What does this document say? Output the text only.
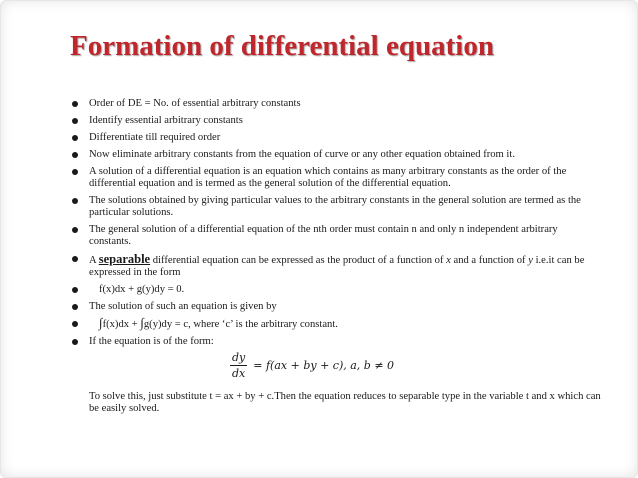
Formation of differential equation
Order of DE = No. of essential arbitrary constants
Identify essential arbitrary constants
Differentiate till required order
Now eliminate arbitrary constants from the equation of curve or any other equation obtained from it.
A solution of a differential equation is an equation which contains as many arbitrary constants as the order of the differential equation and is termed as the general solution of the differential equation.
The solutions obtained by giving particular values to the arbitrary constants in the general solution are termed as the particular solutions.
The general solution of a differential equation of the nth order must contain n and only n independent arbitrary constants.
A separable differential equation can be expressed as the product of a function of x and a function of y i.e.it can be expressed in the form
f(x)dx + g(y)dy = 0.
The solution of such an equation is given by
∫f(x)dx + ∫g(y)dy = c, where ‘c’ is the arbitrary constant.
If the equation is of the form:
$\frac{dy}{dx} = f(ax$ + by + c), a, b ≠ 0
To solve this, just substitute t = ax + by + c.Then the equation reduces to separable type in the variable t and x which can be easily solved.
